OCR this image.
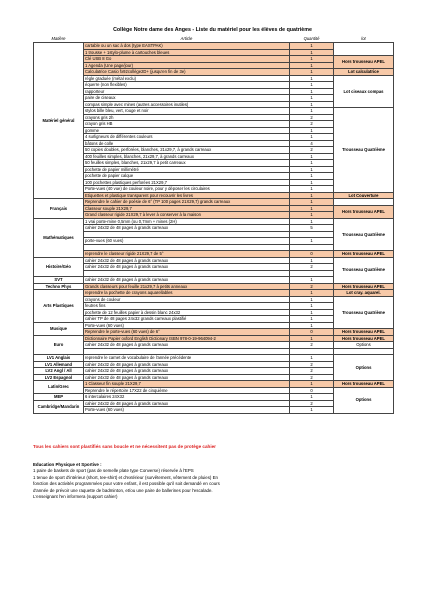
Collège Notre dame des Anges - Liste du matériel pour les élèves de quatrième
Matière	Article	Quantité	lot
Matériel général	cartable ou un sac à dos (type EASTPAK)	1	
	1 trousse + 1stylo-plume à cartouches bleues	1	
	Clé USB 8 Go	1	Hors trousseau APEL
	1 Agenda (Une page/jour)	1	
	Calculatrice Casio fx92collège2D+ (jusqu'en fin de 3e)	1	Lot calculatrice
	règle graduée (métal exclu)	1	Lot ciseaux compas
	équerre (non flexibles)	1	
	rapporteur	1	
	paire de ciseaux	1	
	compas simple avec mines (autres accessoires inutiles)	1	
	stylos bille bleu, vert, rouge et noir	1	Trousseau Quatrième
	crayons gris 2h	2	
	crayon gris HB	2	
	gomme	1	
	4 surligneurs de différentes couleurs	1	
	bâtons de colle	4	
	50 copies doubles, perforées, blanches, 21x29,7, à grands carreaux	2	
	400 feuilles simples, blanches, 21x29,7, à grands carreaux	1	
	50 feuilles simples, blanches, 21x29,7 à petit carreaux	1	
	pochette de papier millimétré	1	
	pochette de papier calque	1	
	100 pochettes plastiques perforées 21X29,7	1	
	Porte-vues (40 vue) de couleur noire, pour y déposer les circulaires	1	
	Etiquettes et plastique transparent pour recouvrir les livres	1	Lot Couverture
Français	Reprendre le cahier de poésie de 6° (TP 100 pages 21X29,7) grands carreaux	1	
	Classeur souple 21X29,7	1	Hors trousseau APEL
	Grand classeur rigide 21X29,7 à lever à conserver à la maison	1	
Mathématiques	1 vrai porte-mine 0,5mm (ou 0,7mm + mines (2H)	1	Trousseau Quatrième
	cahier 24x32 de 48 pages à grands carreaux	5	

	porte-vues (60 vues)	1	

	reprendre le classeur rigide 21X29,7 de 5°	0	Hors trousseau APEL
Histoire/Géo	cahier 24x32 de 48 pages à grands carreaux	1	Trousseau Quatrième
	cahier 24x32 de 48 pages à grands carreaux	2	

SVT	cahier 24x32 de 48 pages à grands carreaux	1	
Techno Phys	Grands classeurs pour feuille 21x29,7 à petits anneaux	2	Hors trousseau APEL
Arts Plastiques	reprendre la pochette de crayons aquarellables	1	Lot cray. aquarel.
	crayons de couleur	1	Trousseau Quatrième
	feutres fins	1	
	pochette de 12 feuilles papier à dessin blanc 24x32	1	
	cahier TP de 48 pages 24x32 grands carreaux plastifié	1	
Musique	Porte-vues (60 vues)	1	
	Reprendre le porte-vues (60 vues) de 6°	0	Hors trousseau APEL
Euro	Dictionnaire Papier oxford English Dictionary ISBN 978-0-19-964094-2	1	Hors trousseau APEL
	cahier 24x32 de 48 pages à grands carreaux	2	Options

LV1 Anglais	reprendre le carnet de vocabulaire de l'année précédente	1	Options
LV1 Allemand	cahier 24x32 de 48 pages à grands carreaux	2	
LV2 Angl / All	cahier 24x32 de 48 pages à grands carreaux	2	
LV2 Espagnol	cahier 24x32 de 48 pages à grands carreaux	2	
Latin/Grec	1 Classeur fin souple 21X29,7	1	Hors trousseau APEL
	Reprendre le répertoire 17X22 de cinquième	0	Options
MEP	6 intercalaires 24X32	1	
Cambridge/Mandarin	cahier 24x32 de 48 pages à grands carreaux	2	
	Porte-vues (60 vues)	1	
Tous les cahiers sont plastifiés sans boucle et ne nécessitent pas de protège cahier
Education Physique et Sportive :
1 paire de baskets de sport (pas de semelle plate type Converse) réservée à l'EPS
1 tenue de sport d'intérieur (short, tee-shirt) et d'extérieur (survêtement, vêtement de pluies) En
fonction des activités programmées pour votre enfant, il est possible qu'il soit demandé en cours
d'année de prévoir une raquette de badminton, et/ou une paire de ballerines pour l'escalade.
L'enseignant l'en informera (support cahier)
